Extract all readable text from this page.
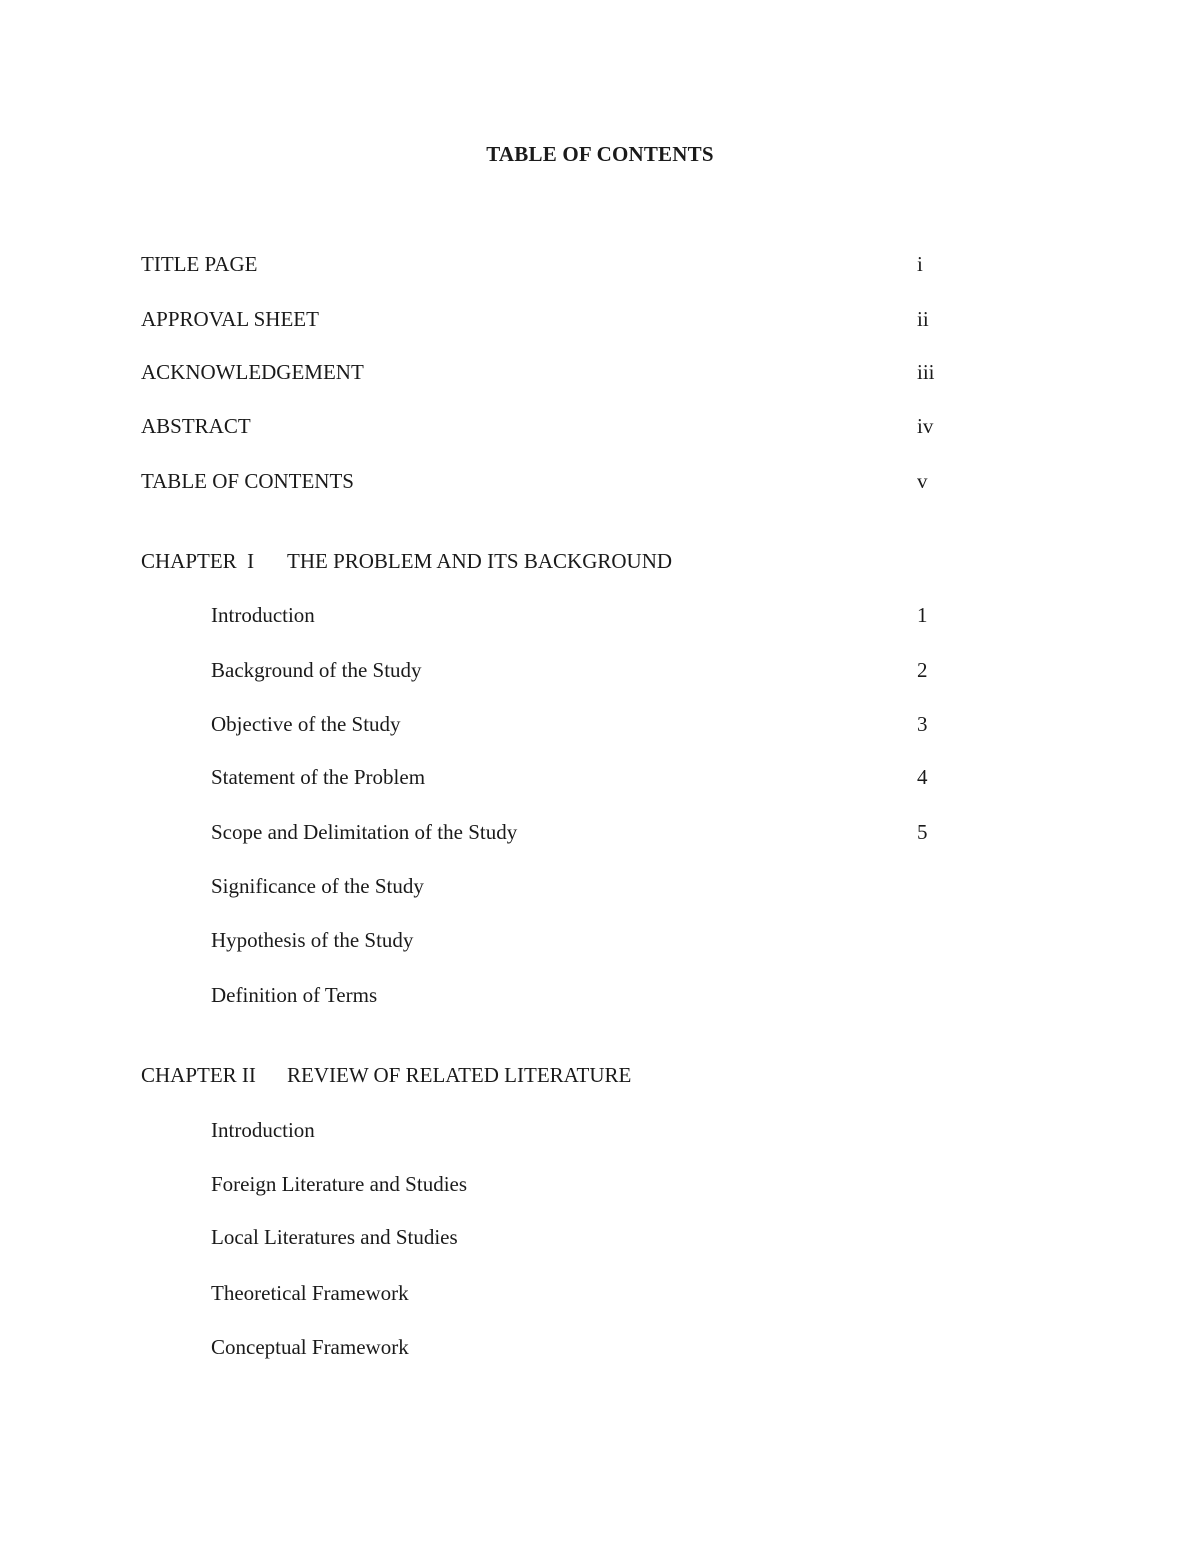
TABLE OF CONTENTS
TITLE PAGE	i
APPROVAL SHEET	ii
ACKNOWLEDGEMENT	iii
ABSTRACT	iv
TABLE OF CONTENTS	v
CHAPTER  I THE PROBLEM AND ITS BACKGROUND
Introduction	1
Background of the Study	2
Objective of the Study	3
Statement of the Problem	4
Scope and Delimitation of the Study	5
Significance of the Study
Hypothesis of the Study
Definition of Terms
CHAPTER II REVIEW OF RELATED LITERATURE
Introduction
Foreign Literature and Studies
Local Literatures and Studies
Theoretical Framework
Conceptual Framework
